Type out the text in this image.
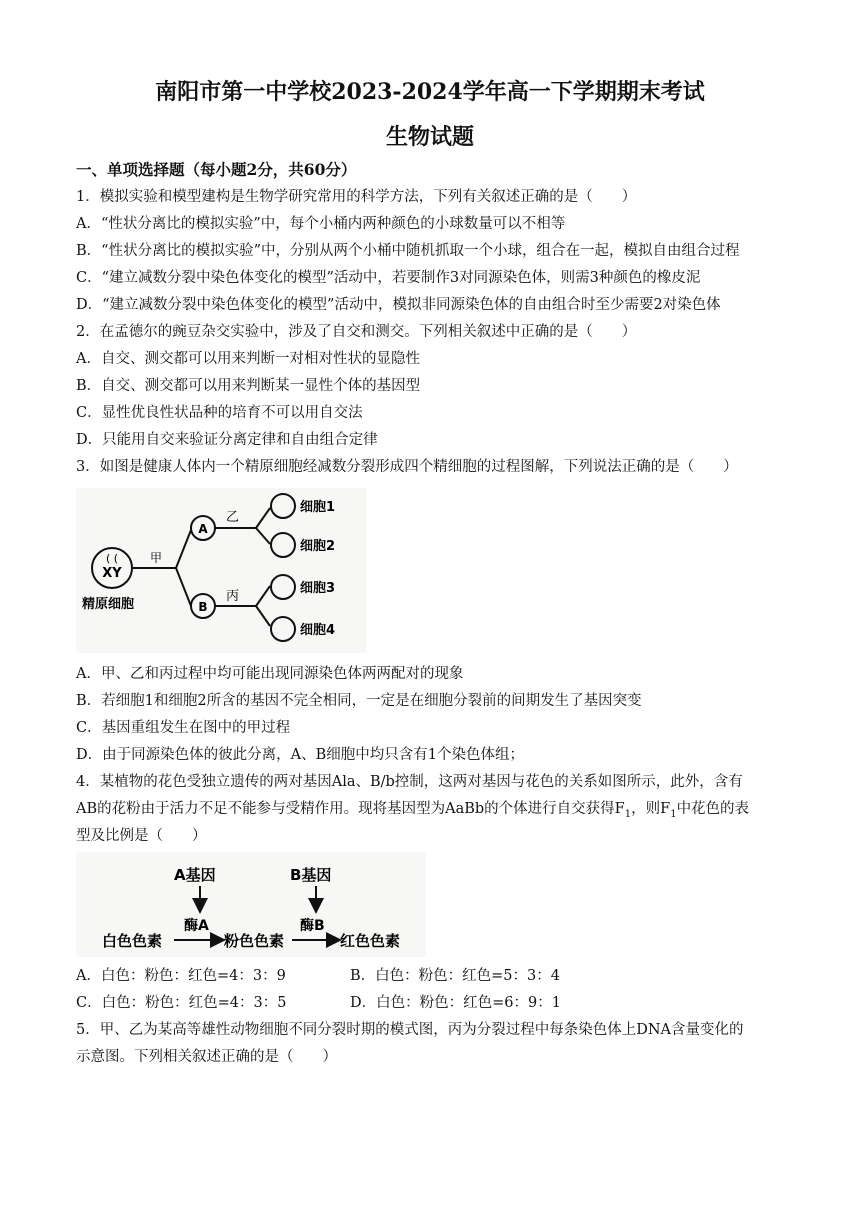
南阳市第一中学校2023-2024学年高一下学期期末考试
生物试题
一、单项选择题（每小题2分，共60分）
1．模拟实验和模型建构是生物学研究常用的科学方法，下列有关叙述正确的是（　　）
A．“性状分离比的模拟实验”中，每个小桶内两种颜色的小球数量可以不相等
B．“性状分离比的模拟实验”中，分别从两个小桶中随机抓取一个小球，组合在一起，模拟自由组合过程
C．“建立减数分裂中染色体变化的模型”活动中，若要制作3对同源染色体，则需3种颜色的橡皮泥
D．“建立减数分裂中染色体变化的模型”活动中，模拟非同源染色体的自由组合时至少需要2对染色体
2．在孟德尔的豌豆杂交实验中，涉及了自交和测交。下列相关叙述中正确的是（　　）
A．自交、测交都可以用来判断一对相对性状的显隐性
B．自交、测交都可以用来判断某一显性个体的基因型
C．显性优良性状品种的培育不可以用自交法
D．只能用自交来验证分离定律和自由组合定律
3．如图是健康人体内一个精原细胞经减数分裂形成四个精细胞的过程图解，下列说法正确的是（　　）
( (
XY
精原细胞
甲
A
B
乙
丙
细胞1
细胞2
细胞3
细胞4
A．甲、乙和丙过程中均可能出现同源染色体两两配对的现象
B．若细胞1和细胞2所含的基因不完全相同，一定是在细胞分裂前的间期发生了基因突变
C．基因重组发生在图中的甲过程
D．由于同源染色体的彼此分离，A、B细胞中均只含有1个染色体组；
4．某植物的花色受独立遗传的两对基因Ala、B/b控制，这两对基因与花色的关系如图所示，此外，含有
AB的花粉由于活力不足不能参与受精作用。现将基因型为AaBb的个体进行自交获得$F_1$，则$F_1$中花色的表
型及比例是（　　）
A基因	B基因
酶A	酶B
白色色素	粉色色素	红色色素
A．白色：粉色：红色=4：3：9	B．白色：粉色：红色=5：3：4
C．白色：粉色：红色=4：3：5	D．白色：粉色：红色=6：9：1
5．甲、乙为某高等雄性动物细胞不同分裂时期的模式图，丙为分裂过程中每条染色体上DNA含量变化的
示意图。下列相关叙述正确的是（　　）
